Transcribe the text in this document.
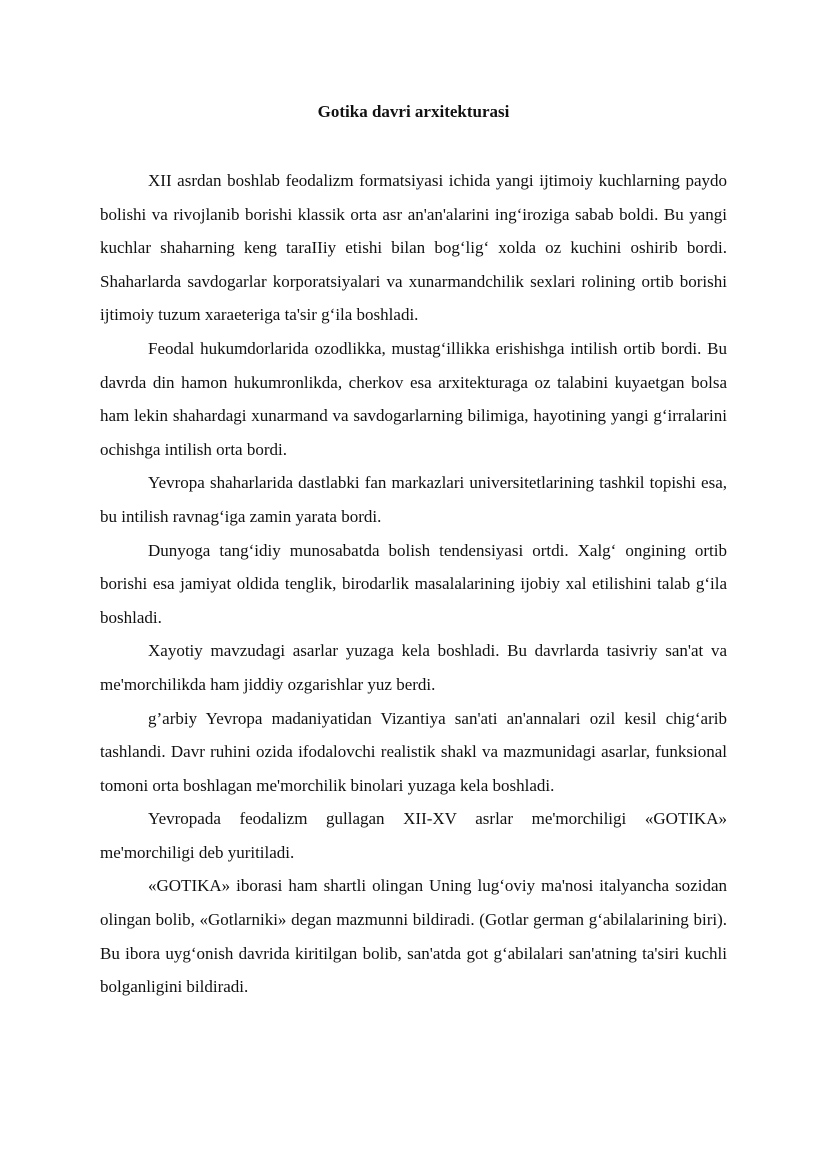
Gotika davri arxitekturasi

XII asrdan boshlab feodalizm formatsiyasi ichida yangi ijtimoiy kuchlarning paydo bolishi va rivojlanib borishi klassik orta asr an'an'alarini ing‘iroziga sabab boldi. Bu yangi kuchlar shaharning keng taraIIiy etishi bilan bog‘lig‘ xolda oz kuchini oshirib bordi. Shaharlarda savdogarlar korporatsiyalari va xunarmandchilik sexlari rolining ortib borishi ijtimoiy tuzum xaraeteriga ta'sir g‘ila boshladi.

Feodal hukumdorlarida ozodlikka, mustag‘illikka erishishga intilish ortib bordi. Bu davrda din hamon hukumronlikda, cherkov esa arxitekturaga oz talabini kuyaetgan bolsa ham lekin shahardagi xunarmand va savdogarlarning bilimiga, hayotining yangi g‘irralarini ochishga intilish orta bordi.

Yevropa shaharlarida dastlabki fan markazlari universitetlarining tashkil topishi esa, bu intilish ravnag‘iga zamin yarata bordi.

Dunyoga tang‘idiy munosabatda bolish tendensiyasi ortdi. Xalg‘ ongining ortib borishi esa jamiyat oldida tenglik, birodarlik masalalarining ijobiy xal etilishini talab g‘ila boshladi.

Xayotiy mavzudagi asarlar yuzaga kela boshladi. Bu davrlarda tasivriy san'at va me'morchilikda ham jiddiy ozgarishlar yuz berdi.

g’arbiy Yevropa madaniyatidan Vizantiya san'ati an'annalari ozil kesil chig‘arib tashlandi. Davr ruhini ozida ifodalovchi realistik shakl va mazmunidagi asarlar, funksional tomoni orta boshlagan me'morchilik binolari yuzaga kela boshladi.

Yevropada feodalizm gullagan XII-XV asrlar me'morchiligi «GOTIKA» me'morchiligi deb yuritiladi.

«GOTIKA» iborasi ham shartli olingan Uning lug‘oviy ma'nosi italyancha sozidan olingan bolib, «Gotlarniki» degan mazmunni bildiradi. (Gotlar german g‘abilalarining biri). Bu ibora uyg‘onish davrida kiritilgan bolib, san'atda got g‘abilalari san'atning ta'siri kuchli bolganligini bildiradi.
